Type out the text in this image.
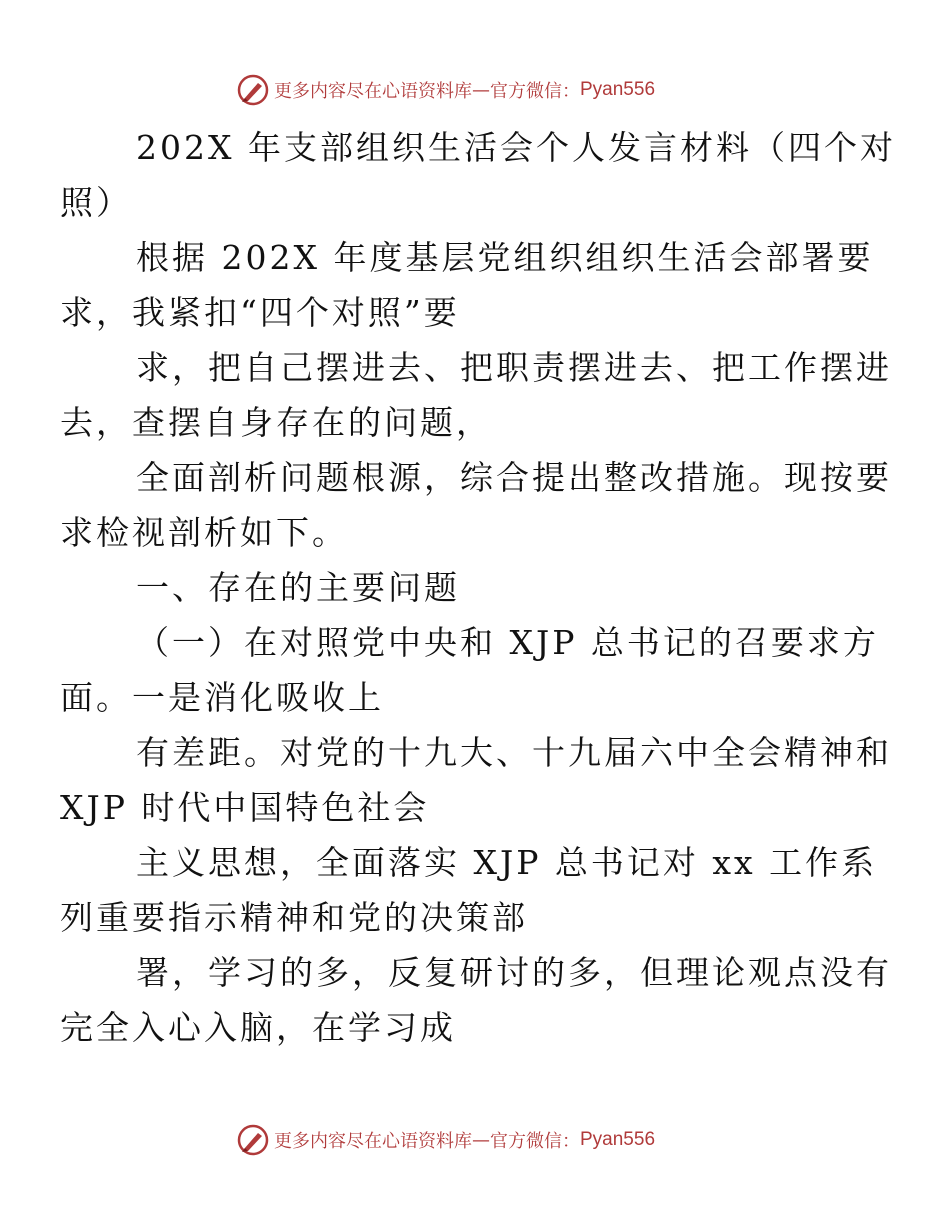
更多内容尽在心语资料库 — 官方微信： Pyan556

202X 年支部组织生活会个人发言材料（四个对
照）

根据 202X 年度基层党组织组织生活会部署要
求，我紧扣“四个对照”要

求，把自己摆进去、把职责摆进去、把工作摆进
去，查摆自身存在的问题，

全面剖析问题根源，综合提出整改措施。现按要
求检视剖析如下。

一、存在的主要问题

（一）在对照党中央和 XJP 总书记的召要求方
面。一是消化吸收上

有差距。对党的十九大、十九届六中全会精神和
XJP 时代中国特色社会

主义思想，全面落实 XJP 总书记对 xx 工作系
列重要指示精神和党的决策部

署，学习的多，反复研讨的多，但理论观点没有
完全入心入脑，在学习成

更多内容尽在心语资料库 — 官方微信： Pyan556
